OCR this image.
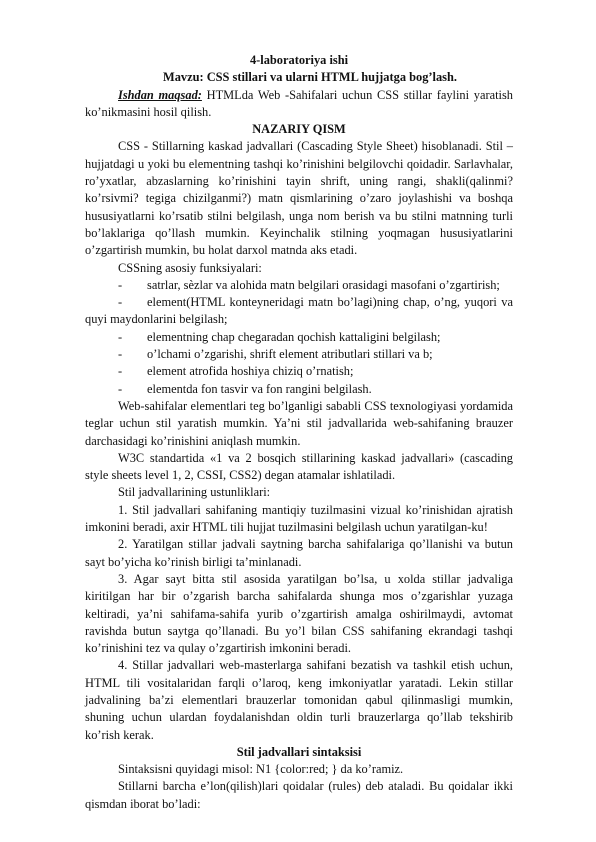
4-laboratoriya ishi
Mavzu: CSS stillari va ularni HTML hujjatga bog’lash.

Ishdan maqsad: HTMLda Web -Sahifalari uchun CSS stillar faylini yaratish ko’nikmasini hosil qilish.

NAZARIY QISM

CSS - Stillarning kaskad jadvallari (Cascading Style Sheet) hisoblanadi. Stil – hujjatdagi u yoki bu elementning tashqi ko’rinishini belgilovchi qoidadir. Sarlavhalar, ro’yxatlar, abzaslarning ko’rinishini tayin shrift, uning rangi, shakli(qalinmi? ko’rsivmi? tegiga chizilganmi?) matn qismlarining o’zaro joylashishi va boshqa hususiyatlarni ko’rsatib stilni belgilash, unga nom berish va bu stilni matnning turli bo’laklariga qo’llash mumkin. Keyinchalik stilning yoqmagan hususiyatlarini o’zgartirish mumkin, bu holat darxol matnda aks etadi.

CSSning asosiy funksiyalari:

- satrlar, sѐzlar va alohida matn belgilari orasidagi masofani o’zgartirish;
- element(HTML konteyneridagi matn bo’lagi)ning chap, o’ng, yuqori va quyi maydonlarini belgilash;
- elementning chap chegaradan qochish kattaligini belgilash;
- o’lchami o’zgarishi, shrift element atributlari stillari va b;
- element atrofida hoshiya chiziq o’rnatish;
- elementda fon tasvir va fon rangini belgilash.

Web-sahifalar elementlari teg bo’lganligi sababli CSS texnologiyasi yordamida teglar uchun stil yaratish mumkin. Ya’ni stil jadvallarida web-sahifaning brauzer darchasidagi ko’rinishini aniqlash mumkin.

W3C standartida «1 va 2 bosqich stillarining kaskad jadvallari» (cascading style sheets level 1, 2, CSSI, CSS2) degan atamalar ishlatiladi.

Stil jadvallarining ustunliklari:

1. Stil jadvallari sahifaning mantiqiy tuzilmasini vizual ko’rinishidan ajratish imkonini beradi, axir HTML tili hujjat tuzilmasini belgilash uchun yaratilgan-ku!

2. Yaratilgan stillar jadvali saytning barcha sahifalariga qo’llanishi va butun sayt bo’yicha ko’rinish birligi ta’minlanadi.

3. Agar sayt bitta stil asosida yaratilgan bo’lsa, u xolda stillar jadvaliga kiritilgan har bir o’zgarish barcha sahifalarda shunga mos o’zgarishlar yuzaga keltiradi, ya’ni sahifama-sahifa yurib o’zgartirish amalga oshirilmaydi, avtomat ravishda butun saytga qo’llanadi. Bu yo’l bilan CSS sahifaning ekrandagi tashqi ko’rinishini tez va qulay o’zgartirish imkonini beradi.

4. Stillar jadvallari web-masterlarga sahifani bezatish va tashkil etish uchun, HTML tili vositalaridan farqli o’laroq, keng imkoniyatlar yaratadi. Lekin stillar jadvalining ba’zi elementlari brauzerlar tomonidan qabul qilinmasligi mumkin, shuning uchun ulardan foydalanishdan oldin turli brauzerlarga qo’llab tekshirib ko’rish kerak.

Stil jadvallari sintaksisi

Sintaksisni quyidagi misol: N1 {color:red; } da ko’ramiz.

Stillarni barcha e’lon(qilish)lari qoidalar (rules) deb ataladi. Bu qoidalar ikki qismdan iborat bo’ladi:
